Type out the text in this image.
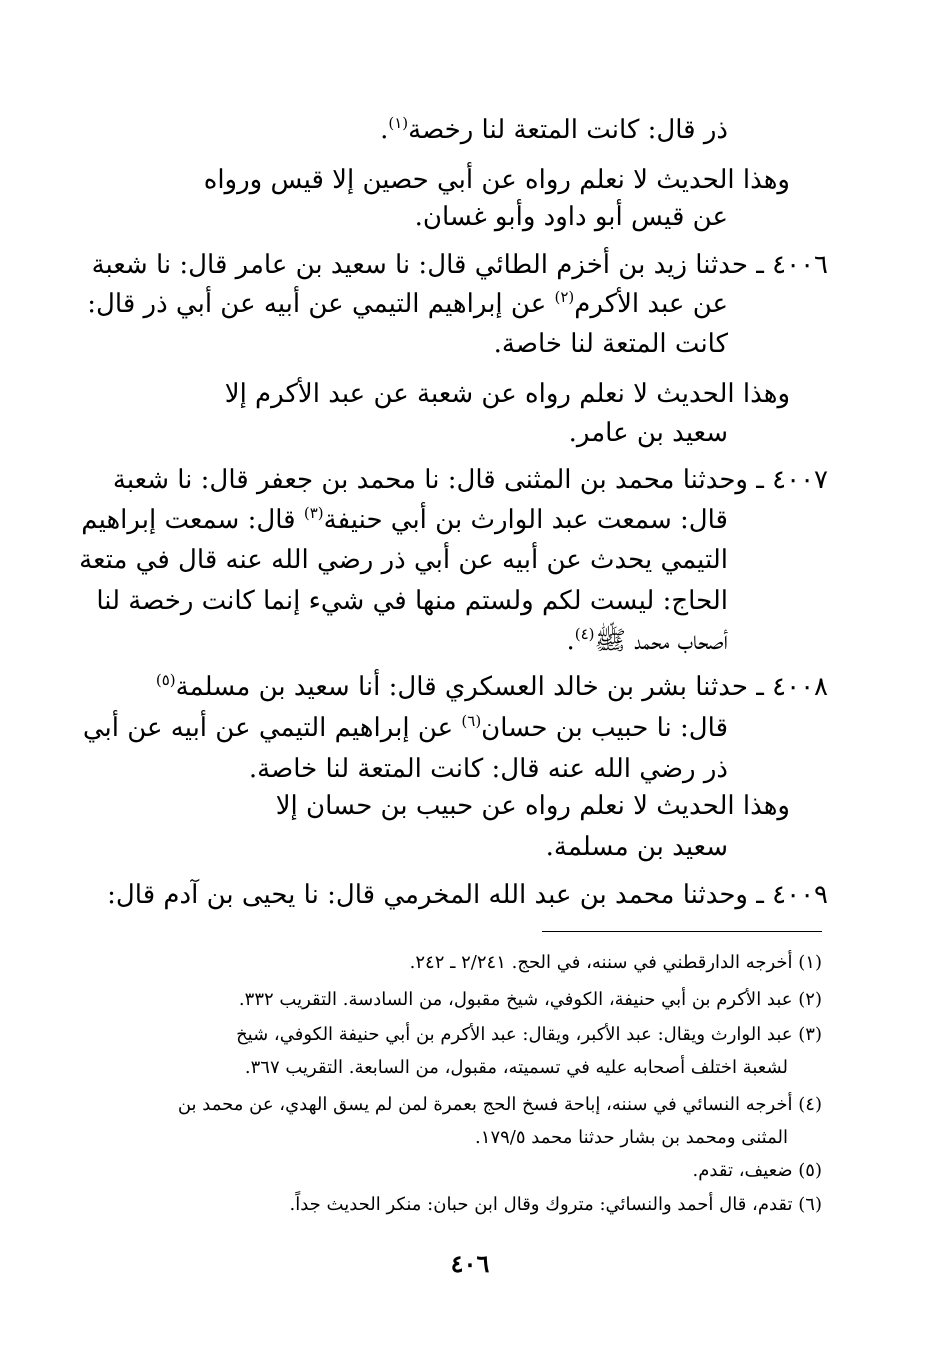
ذر قال: كانت المتعة لنا رخصة$^{(١)}$.
وهذا الحديث لا نعلم رواه عن أبي حصين إلا قيس ورواه
عن قيس أبو داود وأبو غسان.
٤٠٠٦ ـ حدثنا زيد بن أخزم الطائي قال: نا سعيد بن عامر قال: نا شعبة
عن عبد الأكرم$^{(٢)}$ عن إبراهيم التيمي عن أبيه عن أبي ذر قال:
كانت المتعة لنا خاصة.
وهذا الحديث لا نعلم رواه عن شعبة عن عبد الأكرم إلا
سعيد بن عامر.
٤٠٠٧ ـ وحدثنا محمد بن المثنى قال: نا محمد بن جعفر قال: نا شعبة
قال: سمعت عبد الوارث بن أبي حنيفة$^{(٣)}$ قال: سمعت إبراهيم
التيمي يحدث عن أبيه عن أبي ذر رضي الله عنه قال في متعة
الحاج: ليست لكم ولستم منها في شيء إنما كانت رخصة لنا
أصحاب محمد ﷺ$^{(٤)}$.
٤٠٠٨ ـ حدثنا بشر بن خالد العسكري قال: أنا سعيد بن مسلمة$^{(٥)}$
قال: نا حبيب بن حسان$^{(٦)}$ عن إبراهيم التيمي عن أبيه عن أبي
ذر رضي الله عنه قال: كانت المتعة لنا خاصة.
وهذا الحديث لا نعلم رواه عن حبيب بن حسان إلا
سعيد بن مسلمة.
٤٠٠٩ ـ وحدثنا محمد بن عبد الله المخرمي قال: نا يحيى بن آدم قال:
(١) أخرجه الدارقطني في سننه، في الحج. ٢/٢٤١ ـ ٢٤٢.
(٢) عبد الأكرم بن أبي حنيفة، الكوفي، شيخ مقبول، من السادسة. التقريب ٣٣٢.
(٣) عبد الوارث ويقال: عبد الأكبر، ويقال: عبد الأكرم بن أبي حنيفة الكوفي، شيخ
لشعبة اختلف أصحابه عليه في تسميته، مقبول، من السابعة. التقريب ٣٦٧.
(٤) أخرجه النسائي في سننه، إباحة فسخ الحج بعمرة لمن لم يسق الهدي، عن محمد بن
المثنى ومحمد بن بشار حدثنا محمد ١٧٩/٥.
(٥) ضعيف، تقدم.
(٦) تقدم، قال أحمد والنسائي: متروك وقال ابن حبان: منكر الحديث جداً.
٤٠٦
